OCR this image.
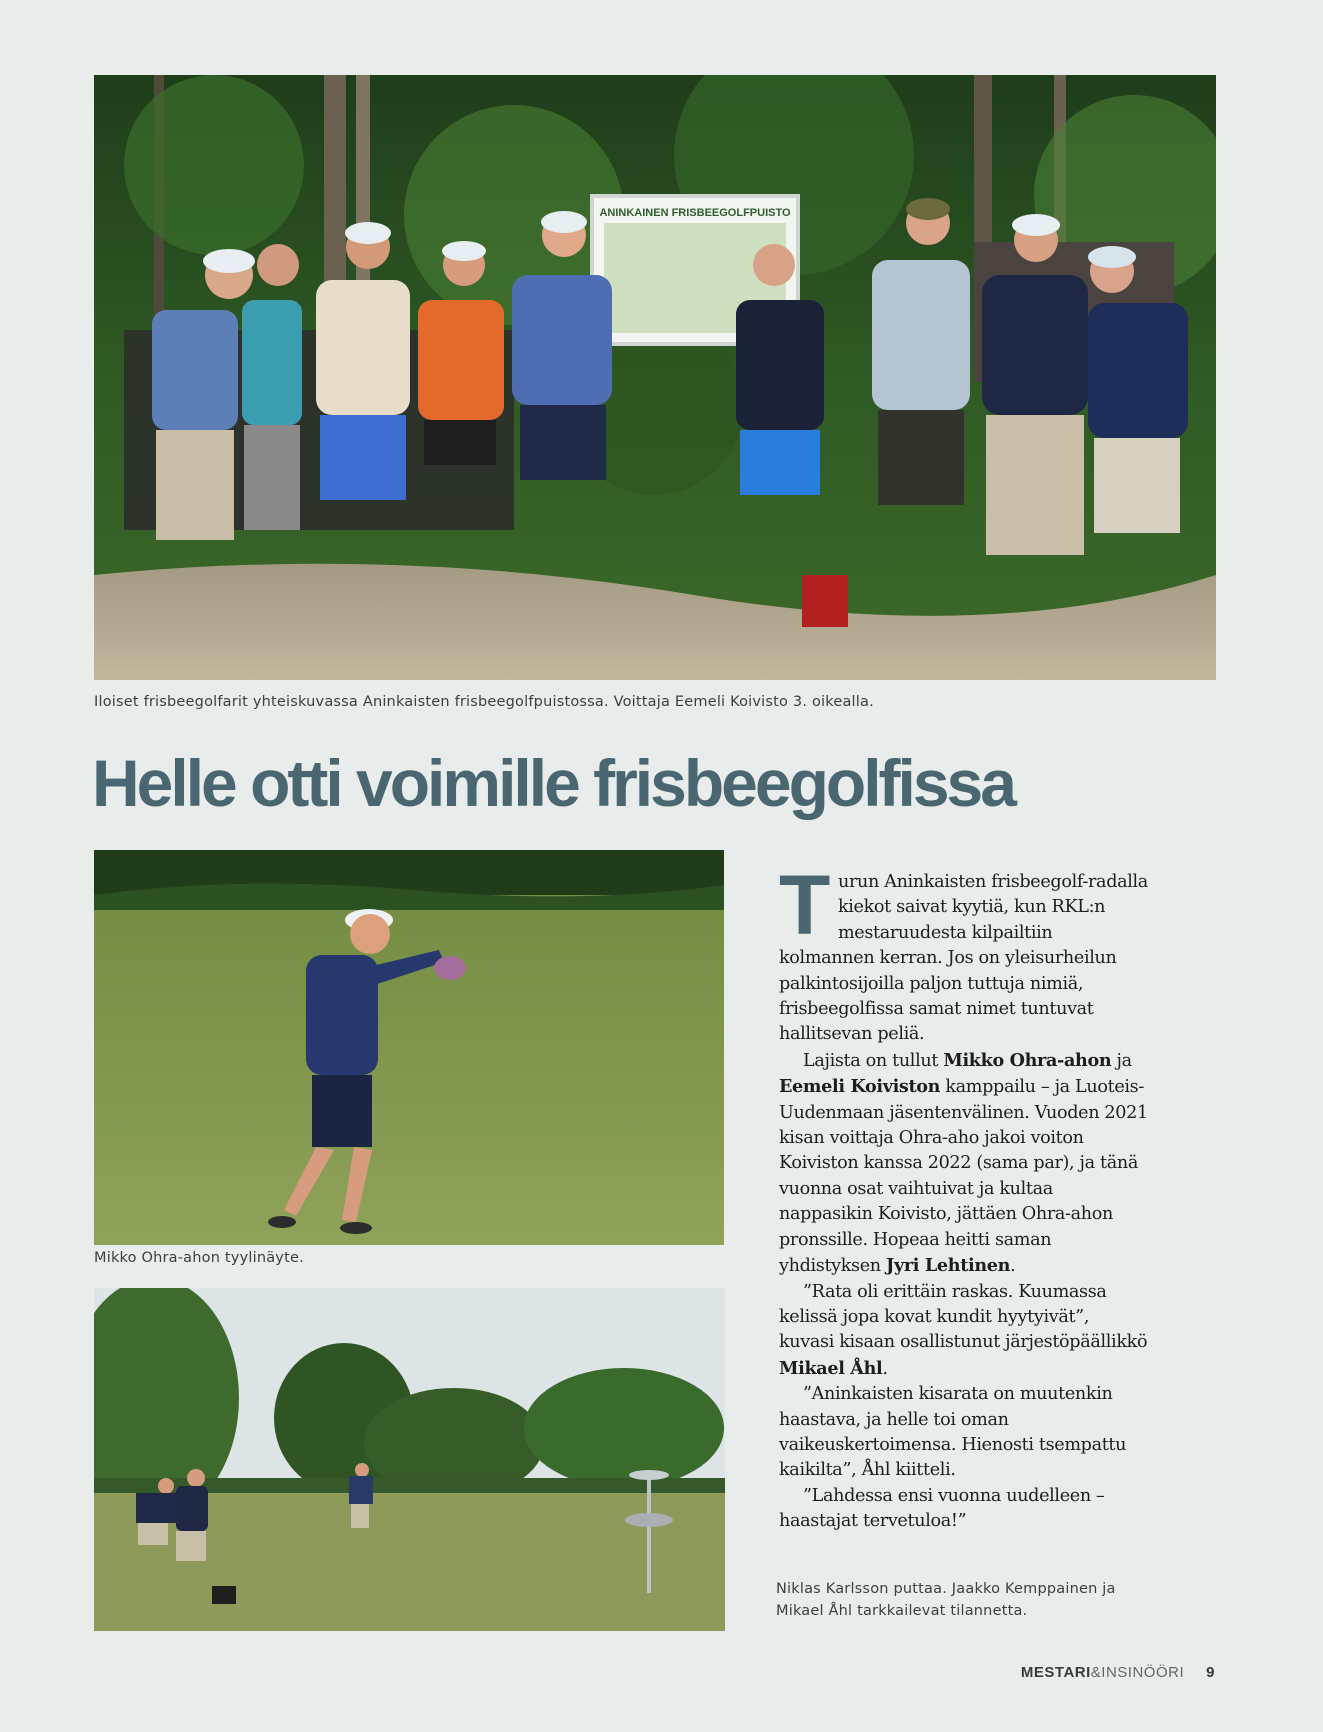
ANINKAINEN FRISBEEGOLFPUISTO
Iloiset frisbeegolfarit yhteiskuvassa Aninkaisten frisbeegolfpuistossa. Voittaja Eemeli Koivisto 3. oikealla.
Helle otti voimille frisbeegolfissa
Mikko Ohra-ahon tyylinäyte.
Niklas Karlsson puttaa. Jaakko Kemppainen ja Mikael Åhl tarkkailevat tilannetta.

Turun Aninkaisten frisbeegolf-radalla kiekot saivat kyytiä, kun RKL:n mestaruudesta kilpailtiin kolmannen kerran. Jos on yleisurheilun palkintosijoilla paljon tuttuja nimiä, frisbeegolfissa samat nimet tuntuvat hallitsevan peliä.

Lajista on tullut Mikko Ohra-ahon ja Eemeli Koiviston kamppailu – ja Luoteis-Uudenmaan jäsentenvälinen. Vuoden 2021 kisan voittaja Ohra-aho jakoi voiton Koiviston kanssa 2022 (sama par), ja tänä vuonna osat vaihtuivat ja kultaa nappasikin Koivisto, jättäen Ohra-ahon pronssille. Hopeaa heitti saman yhdistyksen Jyri Lehtinen.

”Rata oli erittäin raskas. Kuumassa kelissä jopa kovat kundit hyytyivät”, kuvasi kisaan osallistunut järjestöpäällikkö Mikael Åhl.

”Aninkaisten kisarata on muutenkin haastava, ja helle toi oman vaikeuskertoimensa. Hienosti tsempattu kaikilta”, Åhl kiitteli.

”Lahdessa ensi vuonna uudelleen – haastajat tervetuloa!”

MESTARI&INSINÖÖRI 9
